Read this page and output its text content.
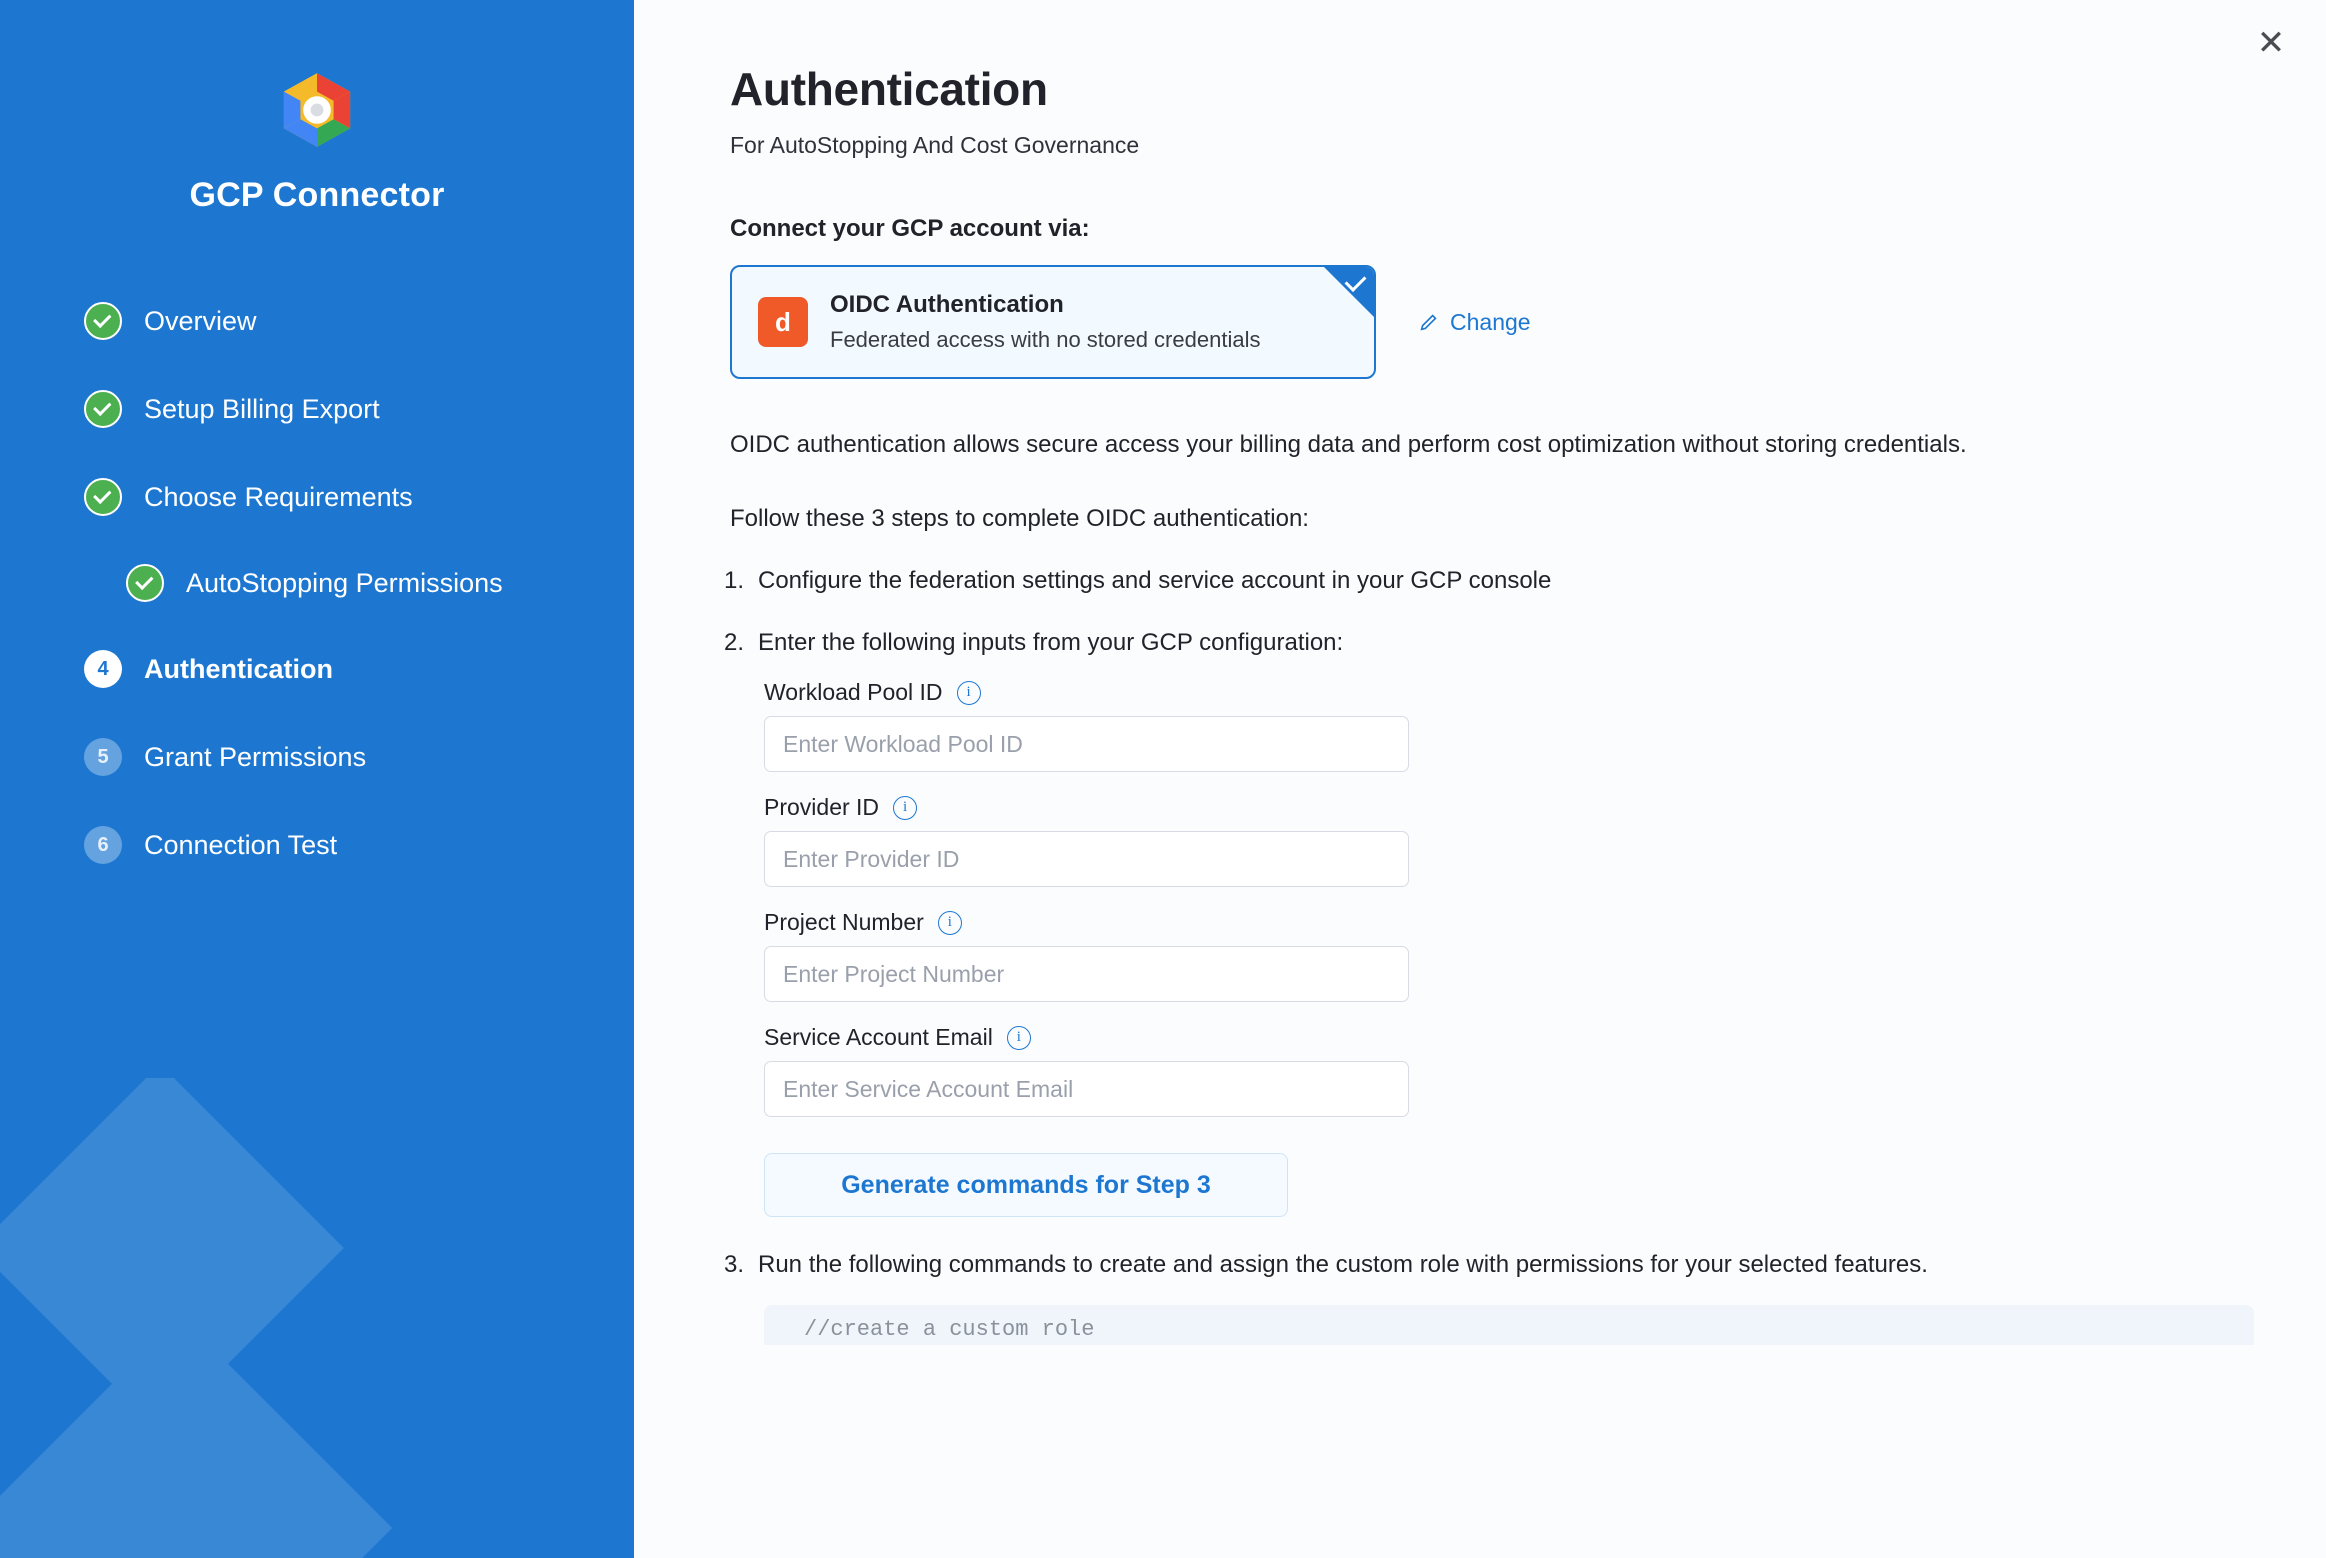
GCP Connector
Overview
Setup Billing Export
Choose Requirements
AutoStopping Permissions
4	Authentication
5	Grant Permissions
6	Connection Test
✕
Authentication
For AutoStopping And Cost Governance
Connect your GCP account via:
d
OIDC Authentication
Federated access with no stored credentials
Change
OIDC authentication allows secure access your billing data and perform cost optimization without storing credentials.
Follow these 3 steps to complete OIDC authentication:
1. Configure the federation settings and service account in your GCP console
2. Enter the following inputs from your GCP configuration:
Workload Pool ID	i
Enter Workload Pool ID
Provider ID	i
Enter Provider ID
Project Number	i
Enter Project Number
Service Account Email	i
Enter Service Account Email
Generate commands for Step 3
3. Run the following commands to create and assign the custom role with permissions for your selected features.
//create a custom role
